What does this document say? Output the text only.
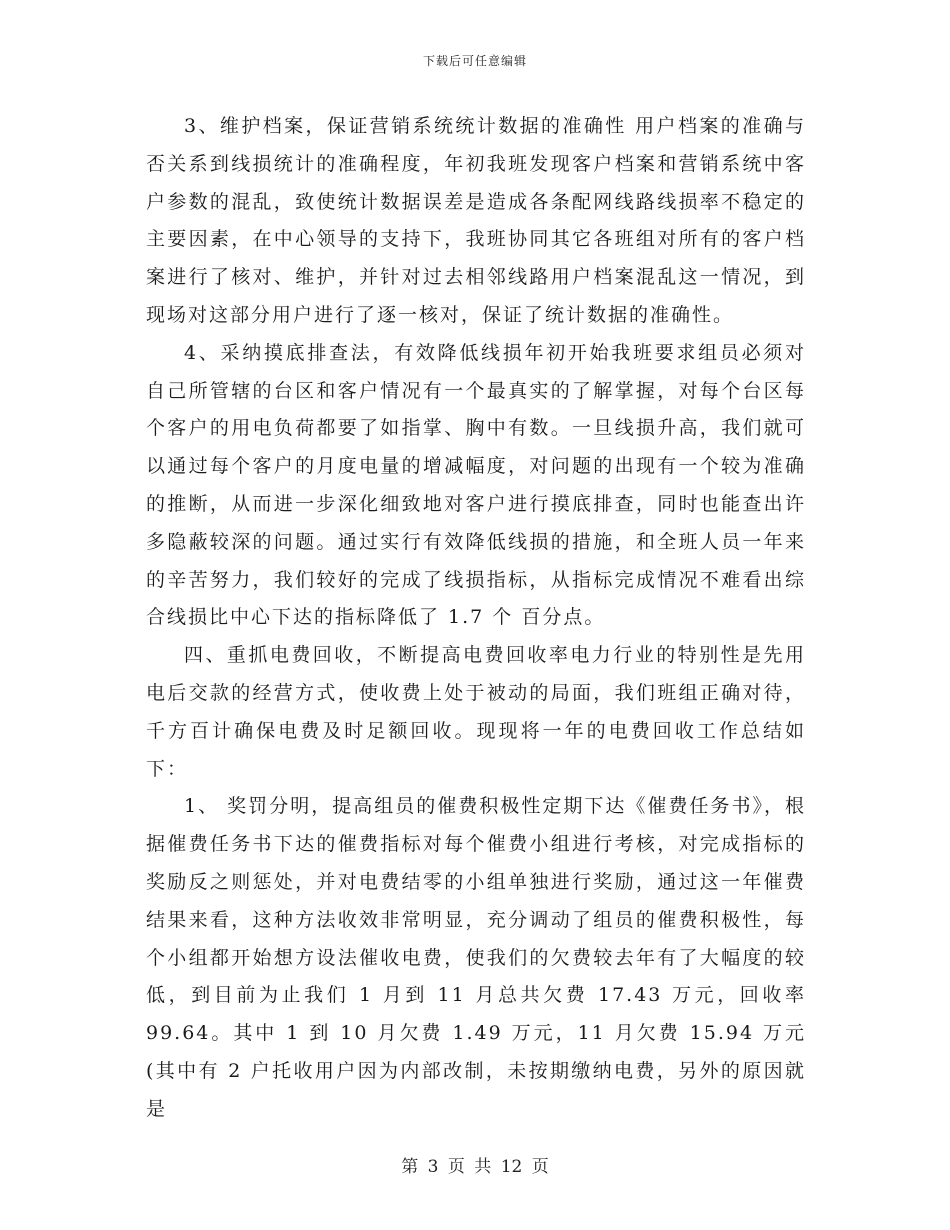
下载后可任意编辑

3、维护档案，保证营销系统统计数据的准确性 用户档案的准确与否关系到线损统计的准确程度，年初我班发现客户档案和营销系统中客户参数的混乱，致使统计数据误差是造成各条配网线路线损率不稳定的主要因素，在中心领导的支持下，我班协同其它各班组对所有的客户档案进行了核对、维护，并针对过去相邻线路用户档案混乱这一情况，到现场对这部分用户进行了逐一核对，保证了统计数据的准确性。

4、采纳摸底排查法，有效降低线损年初开始我班要求组员必须对自己所管辖的台区和客户情况有一个最真实的了解掌握，对每个台区每个客户的用电负荷都要了如指掌、胸中有数。一旦线损升高，我们就可以通过每个客户的月度电量的增减幅度，对问题的出现有一个较为准确的推断，从而进一步深化细致地对客户进行摸底排查，同时也能查出许多隐蔽较深的问题。通过实行有效降低线损的措施，和全班人员一年来的辛苦努力，我们较好的完成了线损指标，从指标完成情况不难看出综合线损比中心下达的指标降低了 1.7 个 百分点。

四、重抓电费回收，不断提高电费回收率电力行业的特别性是先用电后交款的经营方式，使收费上处于被动的局面，我们班组正确对待，千方百计确保电费及时足额回收。现现将一年的电费回收工作总结如下：

1、 奖罚分明，提高组员的催费积极性定期下达《催费任务书》，根据催费任务书下达的催费指标对每个催费小组进行考核，对完成指标的奖励反之则惩处，并对电费结零的小组单独进行奖励，通过这一年催费结果来看，这种方法收效非常明显，充分调动了组员的催费积极性，每个小组都开始想方设法催收电费，使我们的欠费较去年有了大幅度的较低，到目前为止我们 1 月到 11 月总共欠费 17.43 万元，回收率 99.64。其中 1 到 10 月欠费 1.49 万元，11 月欠费 15.94 万元(其中有 2 户托收用户因为内部改制，未按期缴纳电费，另外的原因就是

第 3 页 共 12 页
